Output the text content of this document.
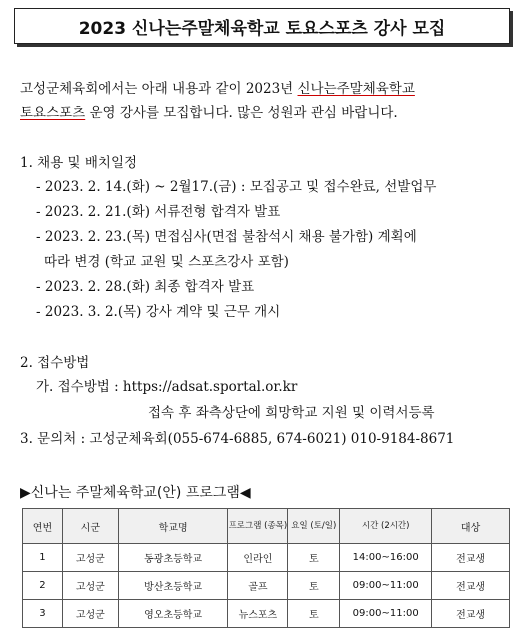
2023 신나는주말체육학교 토요스포츠 강사 모집
고성군체육회에서는 아래 내용과 같이 2023년 신나는주말체육학교
토요스포츠 운영 강사를 모집합니다. 많은 성원과 관심 바랍니다.
1. 채용 및 배치일정
- 2023. 2. 14.(화) ~ 2월17.(금) : 모집공고 및 접수완료, 선발업무
- 2023. 2. 21.(화) 서류전형 합격자 발표
- 2023. 2. 23.(목) 면접심사(면접 불참석시 채용 불가함) 계획에
따라 변경 (학교 교원 및 스포츠강사 포함)
- 2023. 2. 28.(화) 최종 합격자 발표
- 2023. 3. 2.(목) 강사 계약 및 근무 개시
2. 접수방법
가. 접수방법 : https://adsat.sportal.or.kr
접속 후 좌측상단에 희망학교 지원 및 이력서등록
3. 문의처 : 고성군체육회(055-674-6885, 674-6021) 010-9184-8671
▶신나는 주말체육학교(안) 프로그램◀
연번	시군	학교명	프로그램 (종목)	요일 (토/일)	시간 (2시간)	대상
1	고성군	동광초등학교	인라인	토	14:00~16:00	전교생
2	고성군	방산초등학교	골프	토	09:00~11:00	전교생
3	고성군	영오초등학교	뉴스포츠	토	09:00~11:00	전교생
